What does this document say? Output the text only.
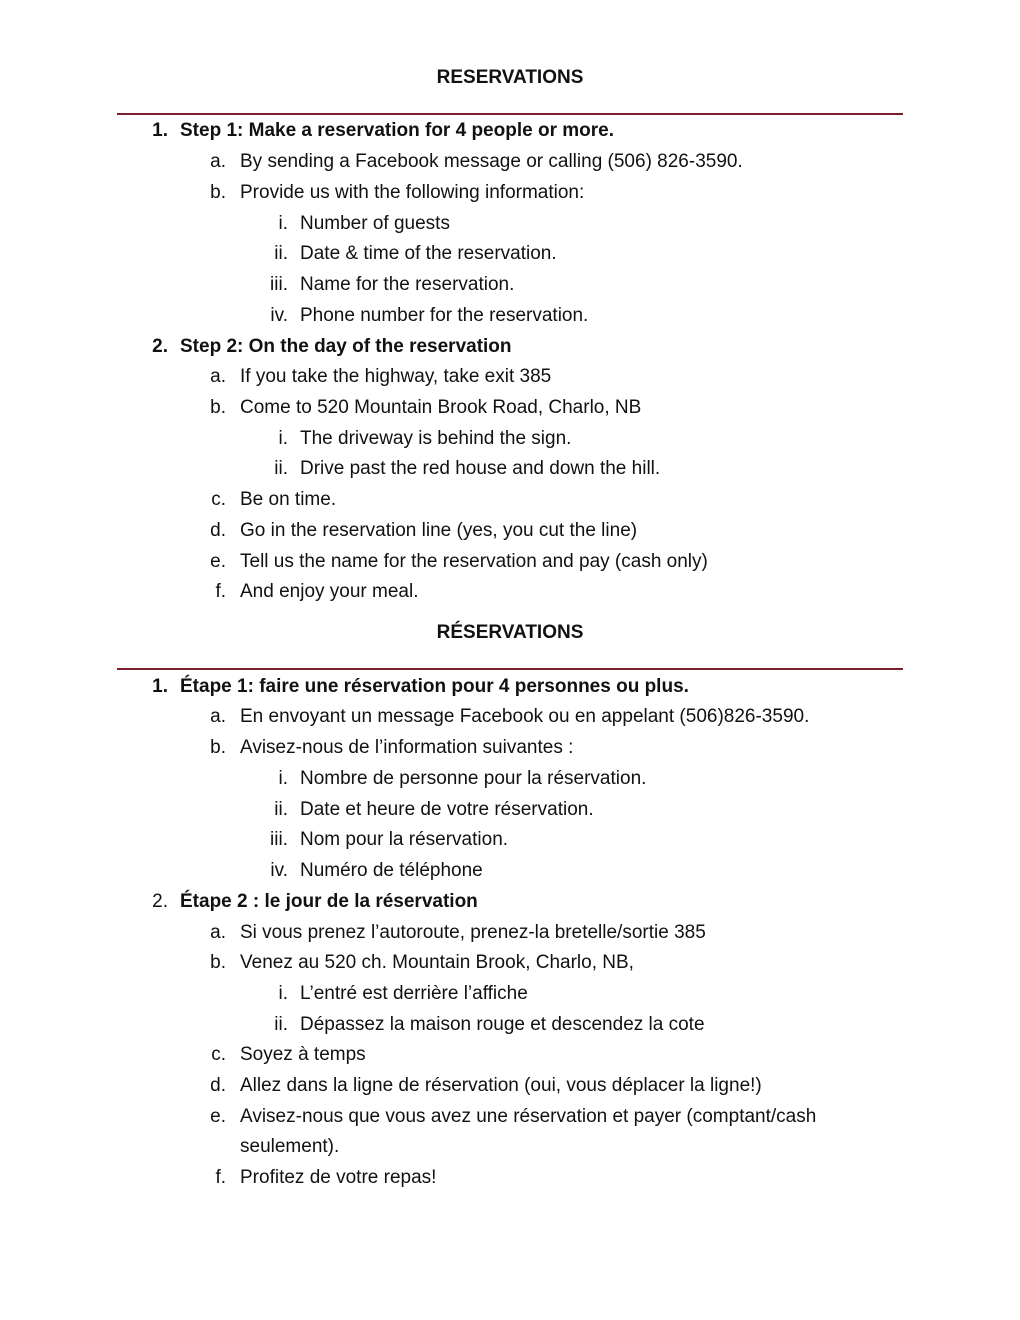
RESERVATIONS
1. Step 1: Make a reservation for 4 people or more.
a. By sending a Facebook message or calling (506) 826-3590.
b. Provide us with the following information:
i. Number of guests
ii. Date & time of the reservation.
iii. Name for the reservation.
iv. Phone number for the reservation.
2. Step 2: On the day of the reservation
a. If you take the highway, take exit 385
b. Come to 520 Mountain Brook Road, Charlo, NB
i. The driveway is behind the sign.
ii. Drive past the red house and down the hill.
c. Be on time.
d. Go in the reservation line (yes, you cut the line)
e. Tell us the name for the reservation and pay (cash only)
f. And enjoy your meal.
RÉSERVATIONS
1. Étape 1: faire une réservation pour 4 personnes ou plus.
a. En envoyant un message Facebook ou en appelant (506)826-3590.
b. Avisez-nous de l’information suivantes :
i. Nombre de personne pour la réservation.
ii. Date et heure de votre réservation.
iii. Nom pour la réservation.
iv. Numéro de téléphone
2. Étape 2 : le jour de la réservation
a. Si vous prenez l’autoroute, prenez-la bretelle/sortie 385
b. Venez au 520 ch. Mountain Brook, Charlo, NB,
i. L’entré est derrière l’affiche
ii. Dépassez la maison rouge et descendez la cote
c. Soyez à temps
d. Allez dans la ligne de réservation (oui, vous déplacer la ligne!)
e. Avisez-nous que vous avez une réservation et payer (comptant/cash
seulement).
f. Profitez de votre repas!
